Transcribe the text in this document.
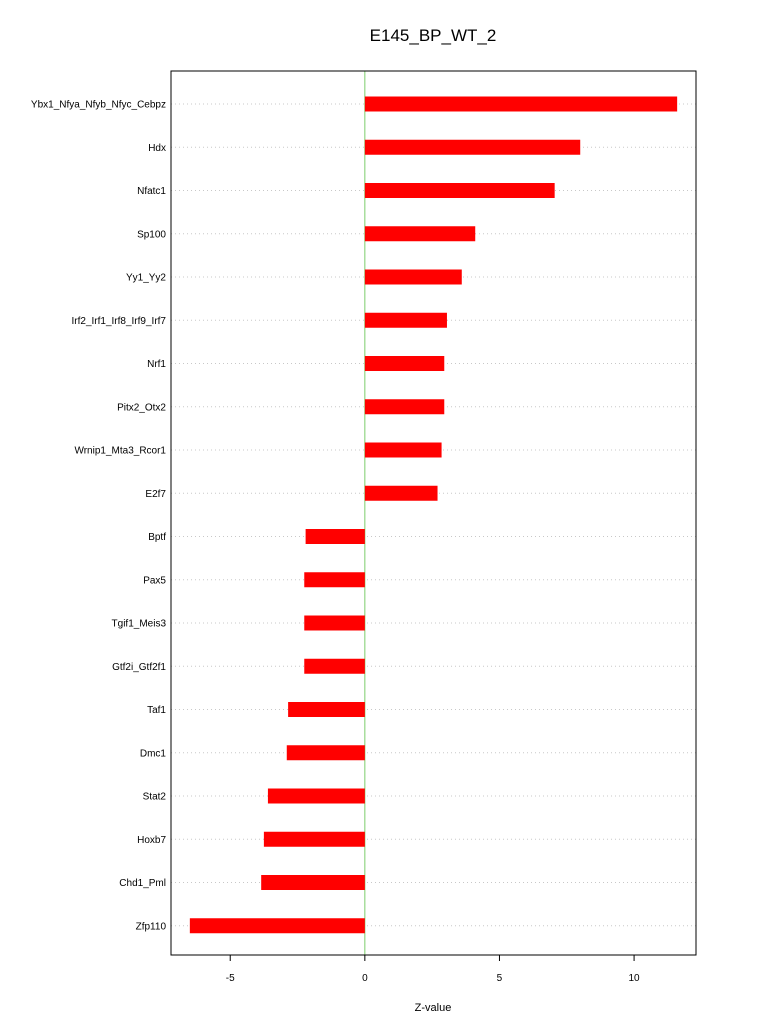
E145_BP_WT_2
Ybx1_Nfya_Nfyb_Nfyc_Cebpz
Hdx
Nfatc1
Sp100
Yy1_Yy2
Irf2_Irf1_Irf8_Irf9_Irf7
Nrf1
Pitx2_Otx2
Wrnip1_Mta3_Rcor1
E2f7
Bptf
Pax5
Tgif1_Meis3
Gtf2i_Gtf2f1
Taf1
Dmc1
Stat2
Hoxb7
Chd1_Pml
Zfp110
-5	0	5	10
Z-value
